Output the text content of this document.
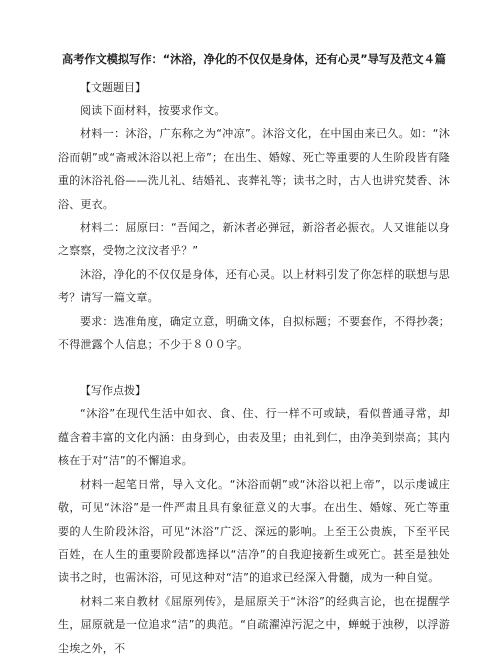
高考作文模拟写作：“沐浴，净化的不仅仅是身体，还有心灵”导写及范文４篇

【文题题目】

阅读下面材料，按要求作文。

材料一：沐浴，广东称之为“冲凉”。沐浴文化，在中国由来已久。如：“沐浴而朝”或“斋戒沐浴以祀上帝”；在出生、婚嫁、死亡等重要的人生阶段皆有隆重的沐浴礼俗——洗儿礼、结婚礼、丧葬礼等；读书之时，古人也讲究焚香、沐浴、更衣。

材料二：屈原曰：“吾闻之，新沐者必弹冠，新浴者必振衣。人又谁能以身之察察，受物之汶汶者乎？”

沐浴，净化的不仅仅是身体，还有心灵。以上材料引发了你怎样的联想与思考？请写一篇文章。

要求：选准角度，确定立意，明确文体，自拟标题；不要套作，不得抄袭；不得泄露个人信息；不少于８００字。

【写作点拨】

“沐浴”在现代生活中如衣、食、住、行一样不可或缺，看似普通寻常，却蕴含着丰富的文化内涵：由身到心，由表及里；由礼到仁，由净美到崇高；其内核在于对“洁”的不懈追求。

材料一起笔日常，导入文化。“沐浴而朝”或“沐浴以祀上帝”，以示虔诚庄敬，可见“沐浴”是一件严肃且具有象征意义的大事。在出生、婚嫁、死亡等重要的人生阶段沐浴，可见“沐浴”广泛、深远的影响。上至王公贵族，下至平民百姓，在人生的重要阶段都选择以“洁净”的自我迎接新生或死亡。甚至是独处读书之时，也需沐浴，可见这种对“洁”的追求已经深入骨髓，成为一种自觉。

材料二来自教材《屈原列传》，是屈原关于“沐浴”的经典言论，也在提醒学生，屈原就是一位追求“洁”的典范。“自疏濯淖污泥之中，蝉蜕于浊秽，以浮游尘埃之外，不
